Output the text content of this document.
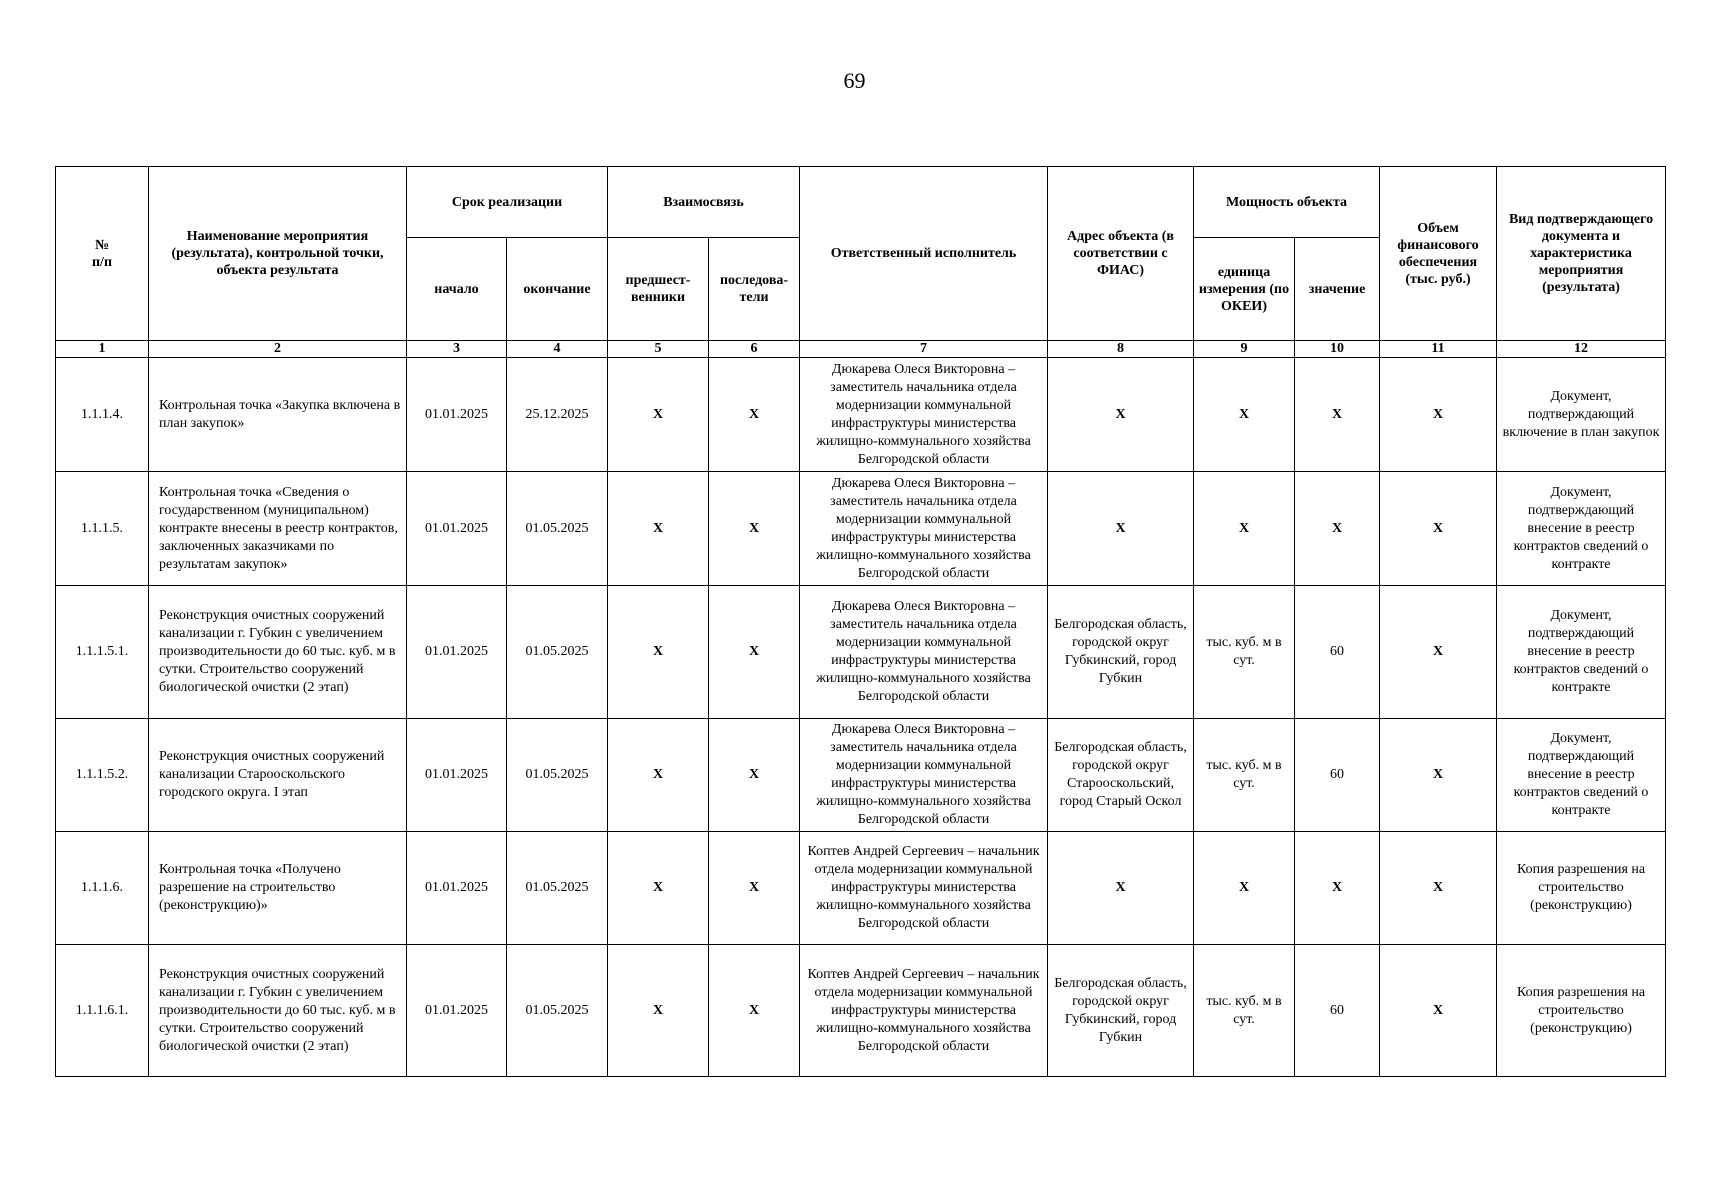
69
№
п/п	Наименование мероприятия (результата), контрольной точки, объекта результата	Срок реализации		Взаимосвязь		Ответственный исполнитель	Адрес объекта (в соответствии с ФИАС)	Мощность объекта		Объем финансового обеспечения (тыс. руб.)	Вид подтверждающего документа и характеристика мероприятия (результата)
		начало	окончание	предшест-венники	последова-тели			единица измерения (по ОКЕИ)	значение		
1	2	3	4	5	6	7	8	9	10	11	12
1.1.1.4.	Контрольная точка «Закупка включена в план закупок»	01.01.2025	25.12.2025	X	X	Дюкарева Олеся Викторовна – заместитель начальника отдела модернизации коммунальной инфраструктуры министерства жилищно-коммунального хозяйства Белгородской области	X	X	X	X	Документ, подтверждающий включение в план закупок
1.1.1.5.	Контрольная точка «Сведения о государственном (муниципальном) контракте внесены в реестр контрактов, заключенных заказчиками по результатам закупок»	01.01.2025	01.05.2025	X	X	Дюкарева Олеся Викторовна – заместитель начальника отдела модернизации коммунальной инфраструктуры министерства жилищно-коммунального хозяйства Белгородской области	X	X	X	X	Документ, подтверждающий внесение в реестр контрактов сведений о контракте
1.1.1.5.1.	Реконструкция очистных сооружений канализации г. Губкин с увеличением производительности до 60 тыс. куб. м в сутки. Строительство сооружений биологической очистки (2 этап)	01.01.2025	01.05.2025	X	X	Дюкарева Олеся Викторовна – заместитель начальника отдела модернизации коммунальной инфраструктуры министерства жилищно-коммунального хозяйства Белгородской области	Белгородская область, городской округ Губкинский, город Губкин	тыс. куб. м в сут.	60	X	Документ, подтверждающий внесение в реестр контрактов сведений о контракте
1.1.1.5.2.	Реконструкция очистных сооружений канализации Старооскольского городского округа. I этап	01.01.2025	01.05.2025	X	X	Дюкарева Олеся Викторовна – заместитель начальника отдела модернизации коммунальной инфраструктуры министерства жилищно-коммунального хозяйства Белгородской области	Белгородская область, городской округ Старооскольский, город Старый Оскол	тыс. куб. м в сут.	60	X	Документ, подтверждающий внесение в реестр контрактов сведений о контракте
1.1.1.6.	Контрольная точка «Получено разрешение на строительство (реконструкцию)»	01.01.2025	01.05.2025	X	X	Коптев Андрей Сергеевич – начальник отдела модернизации коммунальной инфраструктуры министерства жилищно-коммунального хозяйства Белгородской области	X	X	X	X	Копия разрешения на строительство (реконструкцию)
1.1.1.6.1.	Реконструкция очистных сооружений канализации г. Губкин с увеличением производительности до 60 тыс. куб. м в сутки. Строительство сооружений биологической очистки (2 этап)	01.01.2025	01.05.2025	X	X	Коптев Андрей Сергеевич – начальник отдела модернизации коммунальной инфраструктуры министерства жилищно-коммунального хозяйства Белгородской области	Белгородская область, городской округ Губкинский, город Губкин	тыс. куб. м в сут.	60	X	Копия разрешения на строительство (реконструкцию)
